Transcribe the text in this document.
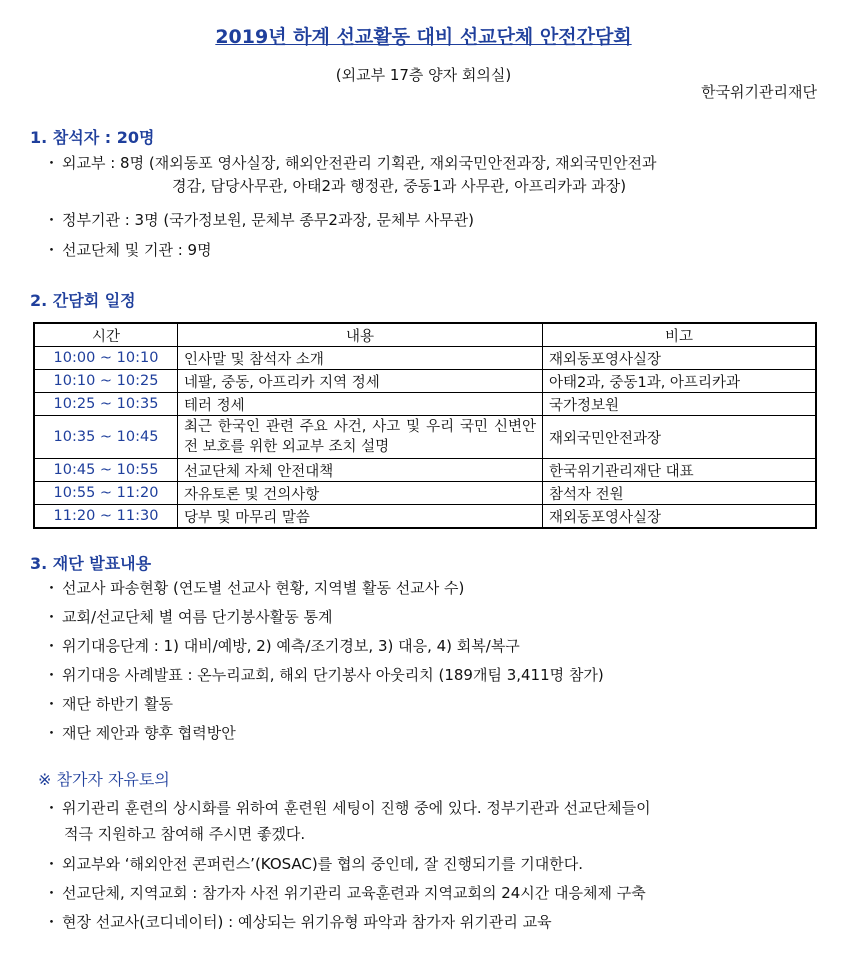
2019년 하계 선교활동 대비 선교단체 안전간담회
(외교부 17층 양자 회의실)
한국위기관리재단
1. 참석자 : 20명
・ 외교부 : 8명 (재외동포 영사실장, 해외안전관리 기획관, 재외국민안전과장, 재외국민안전과
경감, 담당사무관, 아태2과 행정관, 중동1과 사무관, 아프리카과 과장)
・ 정부기관 : 3명 (국가정보원, 문체부 종무2과장, 문체부 사무관)
・ 선교단체 및 기관 : 9명
2. 간담회 일정
시간	내용	비고
10:00 ~ 10:10	인사말 및 참석자 소개	재외동포영사실장
10:10 ~ 10:25	네팔, 중동, 아프리카 지역 정세	아태2과, 중동1과, 아프리카과
10:25 ~ 10:35	테러 정세	국가정보원
10:35 ~ 10:45	최근 한국인 관련 주요 사건, 사고 및 우리 국민 신변안전 보호를 위한 외교부 조치 설명	재외국민안전과장
10:45 ~ 10:55	선교단체 자체 안전대책	한국위기관리재단 대표
10:55 ~ 11:20	자유토론 및 건의사항	참석자 전원
11:20 ~ 11:30	당부 및 마무리 말씀	재외동포영사실장
3. 재단 발표내용
・ 선교사 파송현황 (연도별 선교사 현황, 지역별 활동 선교사 수)
・ 교회/선교단체 별 여름 단기봉사활동 통계
・ 위기대응단계 : 1) 대비/예방, 2) 예측/조기경보, 3) 대응, 4) 회복/복구
・ 위기대응 사례발표 : 온누리교회, 해외 단기봉사 아웃리치 (189개팀 3,411명 참가)
・ 재단 하반기 활동
・ 재단 제안과 향후 협력방안
※ 참가자 자유토의
・ 위기관리 훈련의 상시화를 위하여 훈련원 세팅이 진행 중에 있다. 정부기관과 선교단체들이
적극 지원하고 참여해 주시면 좋겠다.
・ 외교부와 ‘해외안전 콘퍼런스’(KOSAC)를 협의 중인데, 잘 진행되기를 기대한다.
・ 선교단체, 지역교회 : 참가자 사전 위기관리 교육훈련과 지역교회의 24시간 대응체제 구축
・ 현장 선교사(코디네이터) : 예상되는 위기유형 파악과 참가자 위기관리 교육
